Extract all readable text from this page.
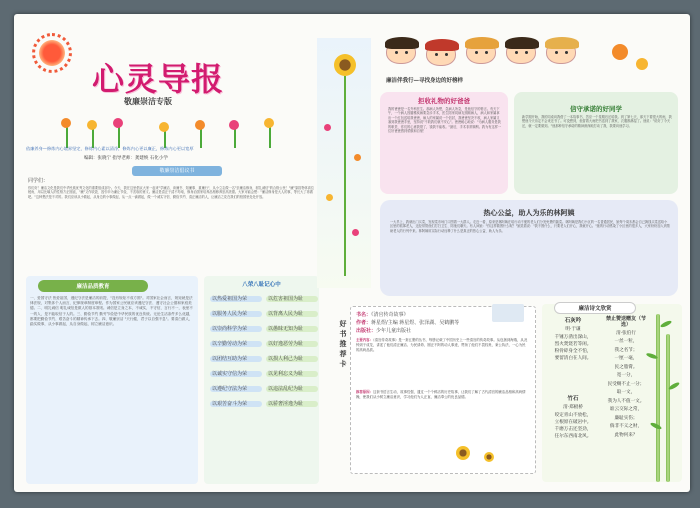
心灵导报
敬廉崇洁专版
依廉养身—修炼内心境界坚定，修炼内心素以清净，修炼内心更以廉正，修炼内心更以宽厚
编辑：张晓宁 指导老师：龚建焕 石化小学
敬廉崇洁倡议书
同学们：
你们好！廉洁文化是我们中华民族优秀文化的重要组成部分。今天，我在这里倡议大家一起来"学廉洁、读廉书、知廉事、重廉行"，从小立志做一名"崇廉洁修身，树礼诚信"的合格公民！"廉"原指物体高位棱角，用以比喻人的性格方正刚直，"廉"又作收敛、敛引申为谦让节俭，不贪取的意义。廉洁是清正于清不苟取，修身治国家培养品格修养崇高美德。大家可能会想："廉洁修身是大人的事，等长大了再做吧。"这种想法是不对的。我们应该从小做起，从身边的小事做起，从一点一滴做起，做一个诚实守信、勤俭节约、清正廉洁的人，让廉洁之花在我们的校园里处处开放。
廉洁品质教育
一、爱国守法 热爱祖国，遵纪守法是廉洁的前提，"没有规矩不成方圆"。对国家社会而言，规矩就是法律法规，对集体个人而言，纪律规章制度章程。作为国家公民就应该遵纪守法、遵守社会公德和家庭美德。二、明礼诚信 明礼诚信是做人的基本准则。诚信是立身之本，不诚实，不守信，言行不一，表里不一的人，是不能取信于人的。三、勤俭节约 勤劳节俭是中华民族的优良传统。无论生活条件多么优越，都要把勤俭节约、艰苦奋斗的精神传承下去。四、敬廉崇洁 "天行健，君子以自强不息"。要清白做人，踏实做事，从小事做起，从自身做起，树立廉洁意识。
八荣八耻记心中
以热爱祖国为荣
以服务人民为荣
以崇尚科学为荣
以辛勤劳动为荣
以团结互助为荣
以诚实守信为荣
以遵纪守法为荣
以艰苦奋斗为荣
以危害祖国为耻
以背离人民为耻
以愚昧无知为耻
以好逸恶劳为耻
以损人利己为耻
以见利忘义为耻
以违法乱纪为耻
以骄奢淫逸为耻
廉洁伴我行—寻找身边的好榜样
拒收礼物的好爸爸
我的爸爸是一名外科医生。那病人所想，急病人所急，是他信守的格言。有天下午，一个病人因腰椎疾病要急诊手术，医生陪家同病友照顾病人，病人和家属拿出一个红包送给我爸爸，病人的家属说一个信封，我爸爸坚决不收，病人家属又塞到我爸爸手里，坚持说"不收我们就不安心"。爸爸耐心地说："为病人服务是我的职责，你们的心意我领了，钱我不能收。"最后，手术非常顺利。我为有这样一位好爸爸感到骄傲和自豪！
信守承诺的好同学
新学期开始，我的同桌向我借了一本故事书，答应一个星期后还给我。到了第七天，那天下着很大的雨，我想他今天肯定不会来还书了。可没想到，他冒着大雨把书送到了我家，衣服都淋湿了。他说："说好了今天还，就一定要做到。"他那种信守承诺的精神深深地打动了我，我要向他学习。
热心公益，助人为乐的林阿姨
一大早上，我就出门买菜，发现菜市场门口围着一大群人。走近一看，原来是林阿姨在给行动不便的老人们分发免费的蔬菜。林阿姨是我们小区的一名普通居民，她每个周末都会自己掏钱买菜送给小区里的孤寡老人，还经常帮他们打扫卫生、陪他们聊天。有人问她："你这样做图什么呢？"她笑着说："我不图什么，只要老人们开心，我就开心。"她的行动感染了小区里的很多人，大家纷纷加入到帮助老人的行列中来。林阿姨用实际行动诠释了什么是真正的热心公益、助人为乐。
好书推荐卡
书名：《清官传奇故事》
作者：蒋星煜/主编 蒋星煜、张泽湖、吴鹤鹏等
出版社：少年儿童出版社
主要内容：《清官传奇故事》是一套五册的丛书，每册记载了中国历史上一些清官的传奇故事。从包拯到海瑞，从况钟到于成龙，讲述了他们清正廉洁、为民请命、刚正不阿的动人事迹，赞扬了他们不畏权贵、秉公执法、一心为民的高尚品质。
推荐原因：这套书语言生动，故事性强，通过一个个鲜活的历史故事，让我们了解了古代清官的廉洁品格和高尚情操，使我们从小树立廉洁意识，学习他们为人正直、廉洁奉公的优良品德。
廉洁诗文欣赏
石灰吟
明·于谦
千锤万凿出深山，
烈火焚烧若等闲。
粉骨碎身全不怕，
要留清白在人间。
竹石
清·郑板桥
咬定青山不放松，
立根原在破岩中。
千磨万击还坚劲，
任尔东西南北风。
禁止赞送赠友（节选）
清·张伯行
一丝一粒，
我之名节；
一厘一毫，
民之脂膏。
宽一分，
民受赐不止一分；
取一文，
我为人不值一文。
谁云交际之常，
廉耻实伤；
倘非不义之财，
此物何来？
